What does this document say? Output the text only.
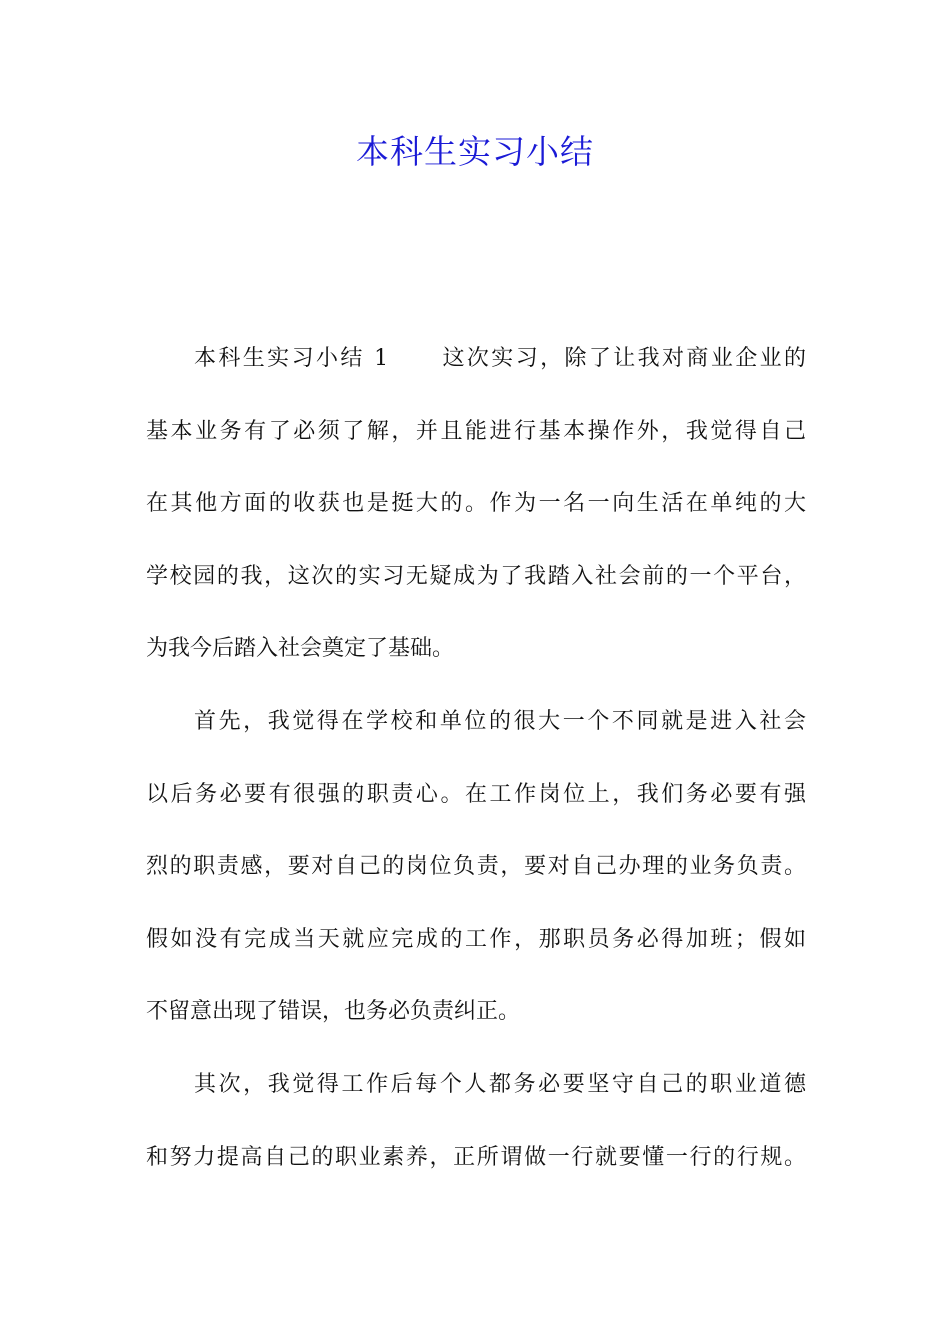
本科生实习小结
本科生实习小结 1 这次实习，除了让我对商业企业的
基本业务有了必须了解，并且能进行基本操作外，我觉得自己
在其他方面的收获也是挺大的。作为一名一向生活在单纯的大
学校园的我，这次的实习无疑成为了我踏入社会前的一个平台，
为我今后踏入社会奠定了基础。
首先，我觉得在学校和单位的很大一个不同就是进入社会
以后务必要有很强的职责心。在工作岗位上，我们务必要有强
烈的职责感，要对自己的岗位负责，要对自己办理的业务负责。
假如没有完成当天就应完成的工作，那职员务必得加班；假如
不留意出现了错误，也务必负责纠正。
其次，我觉得工作后每个人都务必要坚守自己的职业道德
和努力提高自己的职业素养，正所谓做一行就要懂一行的行规。
